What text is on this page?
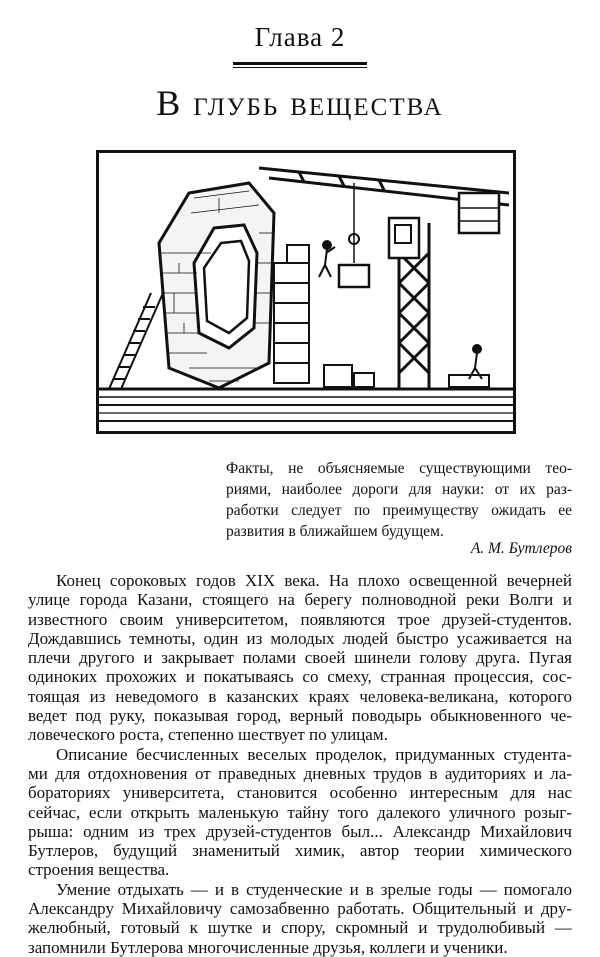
Глава 2
В глубь вещества
Факты, не объясняемые существующими тео-
риями, наиболее дороги для науки: от их раз-
работки следует по преимуществу ожидать ее
развития в ближайшем будущем.
А. М. Бутлеров
Конец сороковых годов XIX века. На плохо освещенной вечерней
улице города Казани, стоящего на берегу полноводной реки Волги и
известного своим университетом, появляются трое друзей-студентов.
Дождавшись темноты, один из молодых людей быстро усаживается на
плечи другого и закрывает полами своей шинели голову друга. Пугая
одиноких прохожих и покатываясь со смеху, странная процессия, сос-
тоящая из неведомого в казанских краях человека-великана, которого
ведет под руку, показывая город, верный поводырь обыкновенного че-
ловеческого роста, степенно шествует по улицам.
Описание бесчисленных веселых проделок, придуманных студента-
ми для отдохновения от праведных дневных трудов в аудиториях и ла-
бораториях университета, становится особенно интересным для нас
сейчас, если открыть маленькую тайну того далекого уличного розыг-
рыша: одним из трех друзей-студентов был... Александр Михайлович
Бутлеров, будущий знаменитый химик, автор теории химического
строения вещества.
Умение отдыхать — и в студенческие и в зрелые годы — помогало
Александру Михайловичу самозабвенно работать. Общительный и дру-
желюбный, готовый к шутке и спору, скромный и трудолюбивый —
запомнили Бутлерова многочисленные друзья, коллеги и ученики.
